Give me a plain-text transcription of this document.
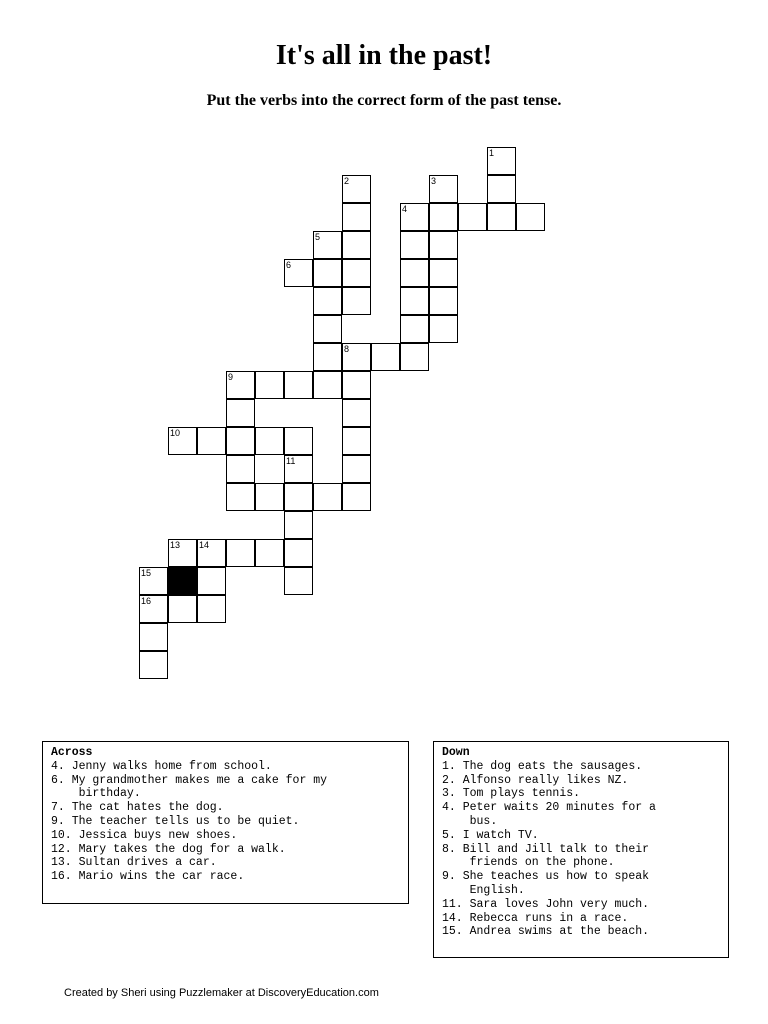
It's all in the past!
Put the verbs into the correct form of the past tense.
1
2	3
4
5
6
8
9
10
11
13 14
15
16
Across
4. Jenny walks home from school.
6. My grandmother makes me a cake for my
birthday.
7. The cat hates the dog.
9. The teacher tells us to be quiet.
10. Jessica buys new shoes.
12. Mary takes the dog for a walk.
13. Sultan drives a car.
16. Mario wins the car race.
Down
1. The dog eats the sausages.
2. Alfonso really likes NZ.
3. Tom plays tennis.
4. Peter waits 20 minutes for a
bus.
5. I watch TV.
8. Bill and Jill talk to their
friends on the phone.
9. She teaches us how to speak
English.
11. Sara loves John very much.
14. Rebecca runs in a race.
15. Andrea swims at the beach.
Created by Sheri using Puzzlemaker at DiscoveryEducation.com
